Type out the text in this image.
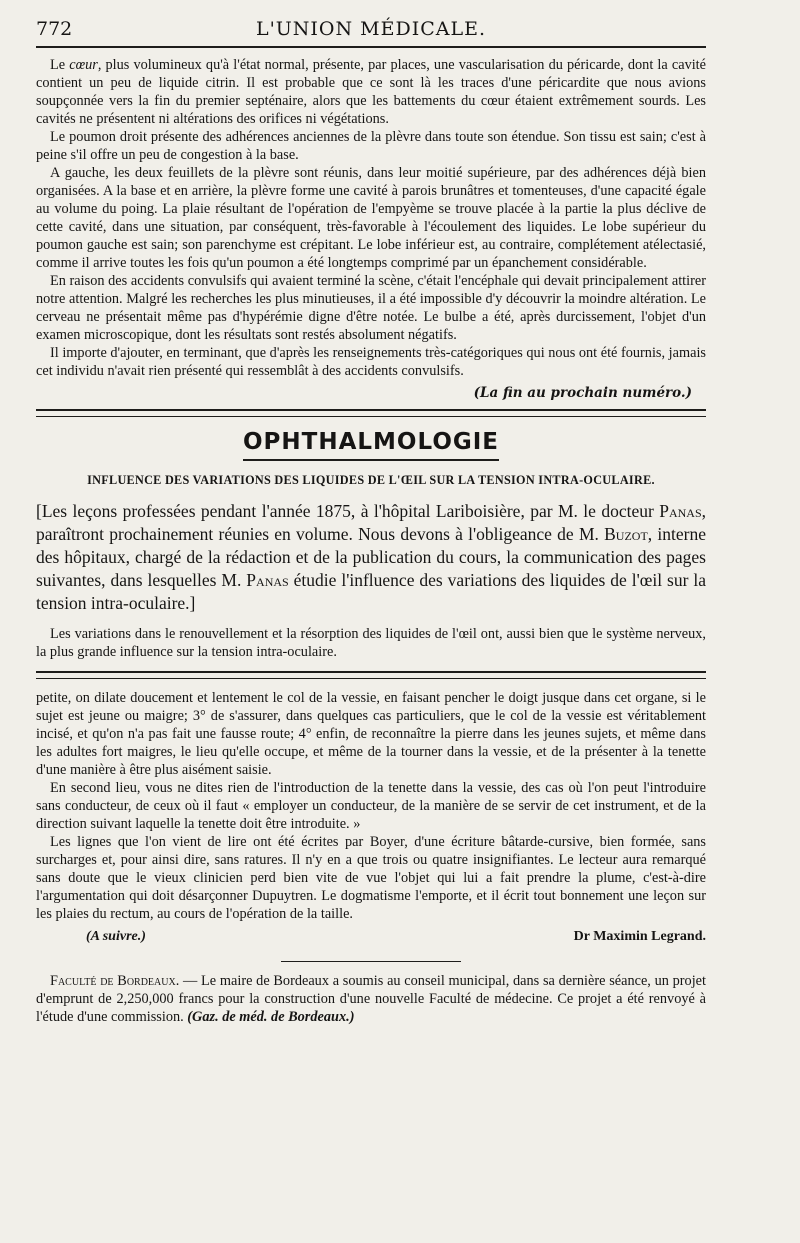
772	L'UNION MÉDICALE.

Le cœur, plus volumineux qu'à l'état normal, présente, par places, une vascularisation du péricarde, dont la cavité contient un peu de liquide citrin. Il est probable que ce sont là les traces d'une péricardite que nous avions soupçonnée vers la fin du premier septénaire, alors que les battements du cœur étaient extrêmement sourds. Les cavités ne présentent ni altérations des orifices ni végétations.

Le poumon droit présente des adhérences anciennes de la plèvre dans toute son étendue. Son tissu est sain; c'est à peine s'il offre un peu de congestion à la base.

A gauche, les deux feuillets de la plèvre sont réunis, dans leur moitié supérieure, par des adhérences déjà bien organisées. A la base et en arrière, la plèvre forme une cavité à parois brunâtres et tomenteuses, d'une capacité égale au volume du poing. La plaie résultant de l'opération de l'empyème se trouve placée à la partie la plus déclive de cette cavité, dans une situation, par conséquent, très-favorable à l'écoulement des liquides. Le lobe supérieur du poumon gauche est sain; son parenchyme est crépitant. Le lobe inférieur est, au contraire, complétement atélectasié, comme il arrive toutes les fois qu'un poumon a été longtemps comprimé par un épanchement considérable.

En raison des accidents convulsifs qui avaient terminé la scène, c'était l'encéphale qui devait principalement attirer notre attention. Malgré les recherches les plus minutieuses, il a été impossible d'y découvrir la moindre altération. Le cerveau ne présentait même pas d'hypérémie digne d'être notée. Le bulbe a été, après durcissement, l'objet d'un examen microscopique, dont les résultats sont restés absolument négatifs.

Il importe d'ajouter, en terminant, que d'après les renseignements très-catégoriques qui nous ont été fournis, jamais cet individu n'avait rien présenté qui ressemblât à des accidents convulsifs.

(La fin au prochain numéro.)
OPHTHALMOLOGIE
INFLUENCE DES VARIATIONS DES LIQUIDES DE L'ŒIL SUR LA TENSION INTRA-OCULAIRE.

[Les leçons professées pendant l'année 1875, à l'hôpital Lariboisière, par M. le docteur Panas, paraîtront prochainement réunies en volume. Nous devons à l'obligeance de M. Buzot, interne des hôpitaux, chargé de la rédaction et de la publication du cours, la communication des pages suivantes, dans lesquelles M. Panas étudie l'influence des variations des liquides de l'œil sur la tension intra-oculaire.]

Les variations dans le renouvellement et la résorption des liquides de l'œil ont, aussi bien que le système nerveux, la plus grande influence sur la tension intra-oculaire.

petite, on dilate doucement et lentement le col de la vessie, en faisant pencher le doigt jusque dans cet organe, si le sujet est jeune ou maigre; 3° de s'assurer, dans quelques cas particuliers, que le col de la vessie est véritablement incisé, et qu'on n'a pas fait une fausse route; 4° enfin, de reconnaître la pierre dans les jeunes sujets, et même dans les adultes fort maigres, le lieu qu'elle occupe, et même de la tourner dans la vessie, et de la présenter à la tenette d'une manière à être plus aisément saisie.

En second lieu, vous ne dites rien de l'introduction de la tenette dans la vessie, des cas où l'on peut l'introduire sans conducteur, de ceux où il faut « employer un conducteur, de la manière de se servir de cet instrument, et de la direction suivant laquelle la tenette doit être introduite. »

Les lignes que l'on vient de lire ont été écrites par Boyer, d'une écriture bâtarde-cursive, bien formée, sans surcharges et, pour ainsi dire, sans ratures. Il n'y en a que trois ou quatre insignifiantes. Le lecteur aura remarqué sans doute que le vieux clinicien perd bien vite de vue l'objet qui lui a fait prendre la plume, c'est-à-dire l'argumentation qui doit désarçonner Dupuytren. Le dogmatisme l'emporte, et il écrit tout bonnement une leçon sur les plaies du rectum, au cours de l'opération de la taille.

(A suivre.)	Dr Maximin Legrand.

Faculté de Bordeaux. — Le maire de Bordeaux a soumis au conseil municipal, dans sa dernière séance, un projet d'emprunt de 2,250,000 francs pour la construction d'une nouvelle Faculté de médecine. Ce projet a été renvoyé à l'étude d'une commission. (Gaz. de méd. de Bordeaux.)
